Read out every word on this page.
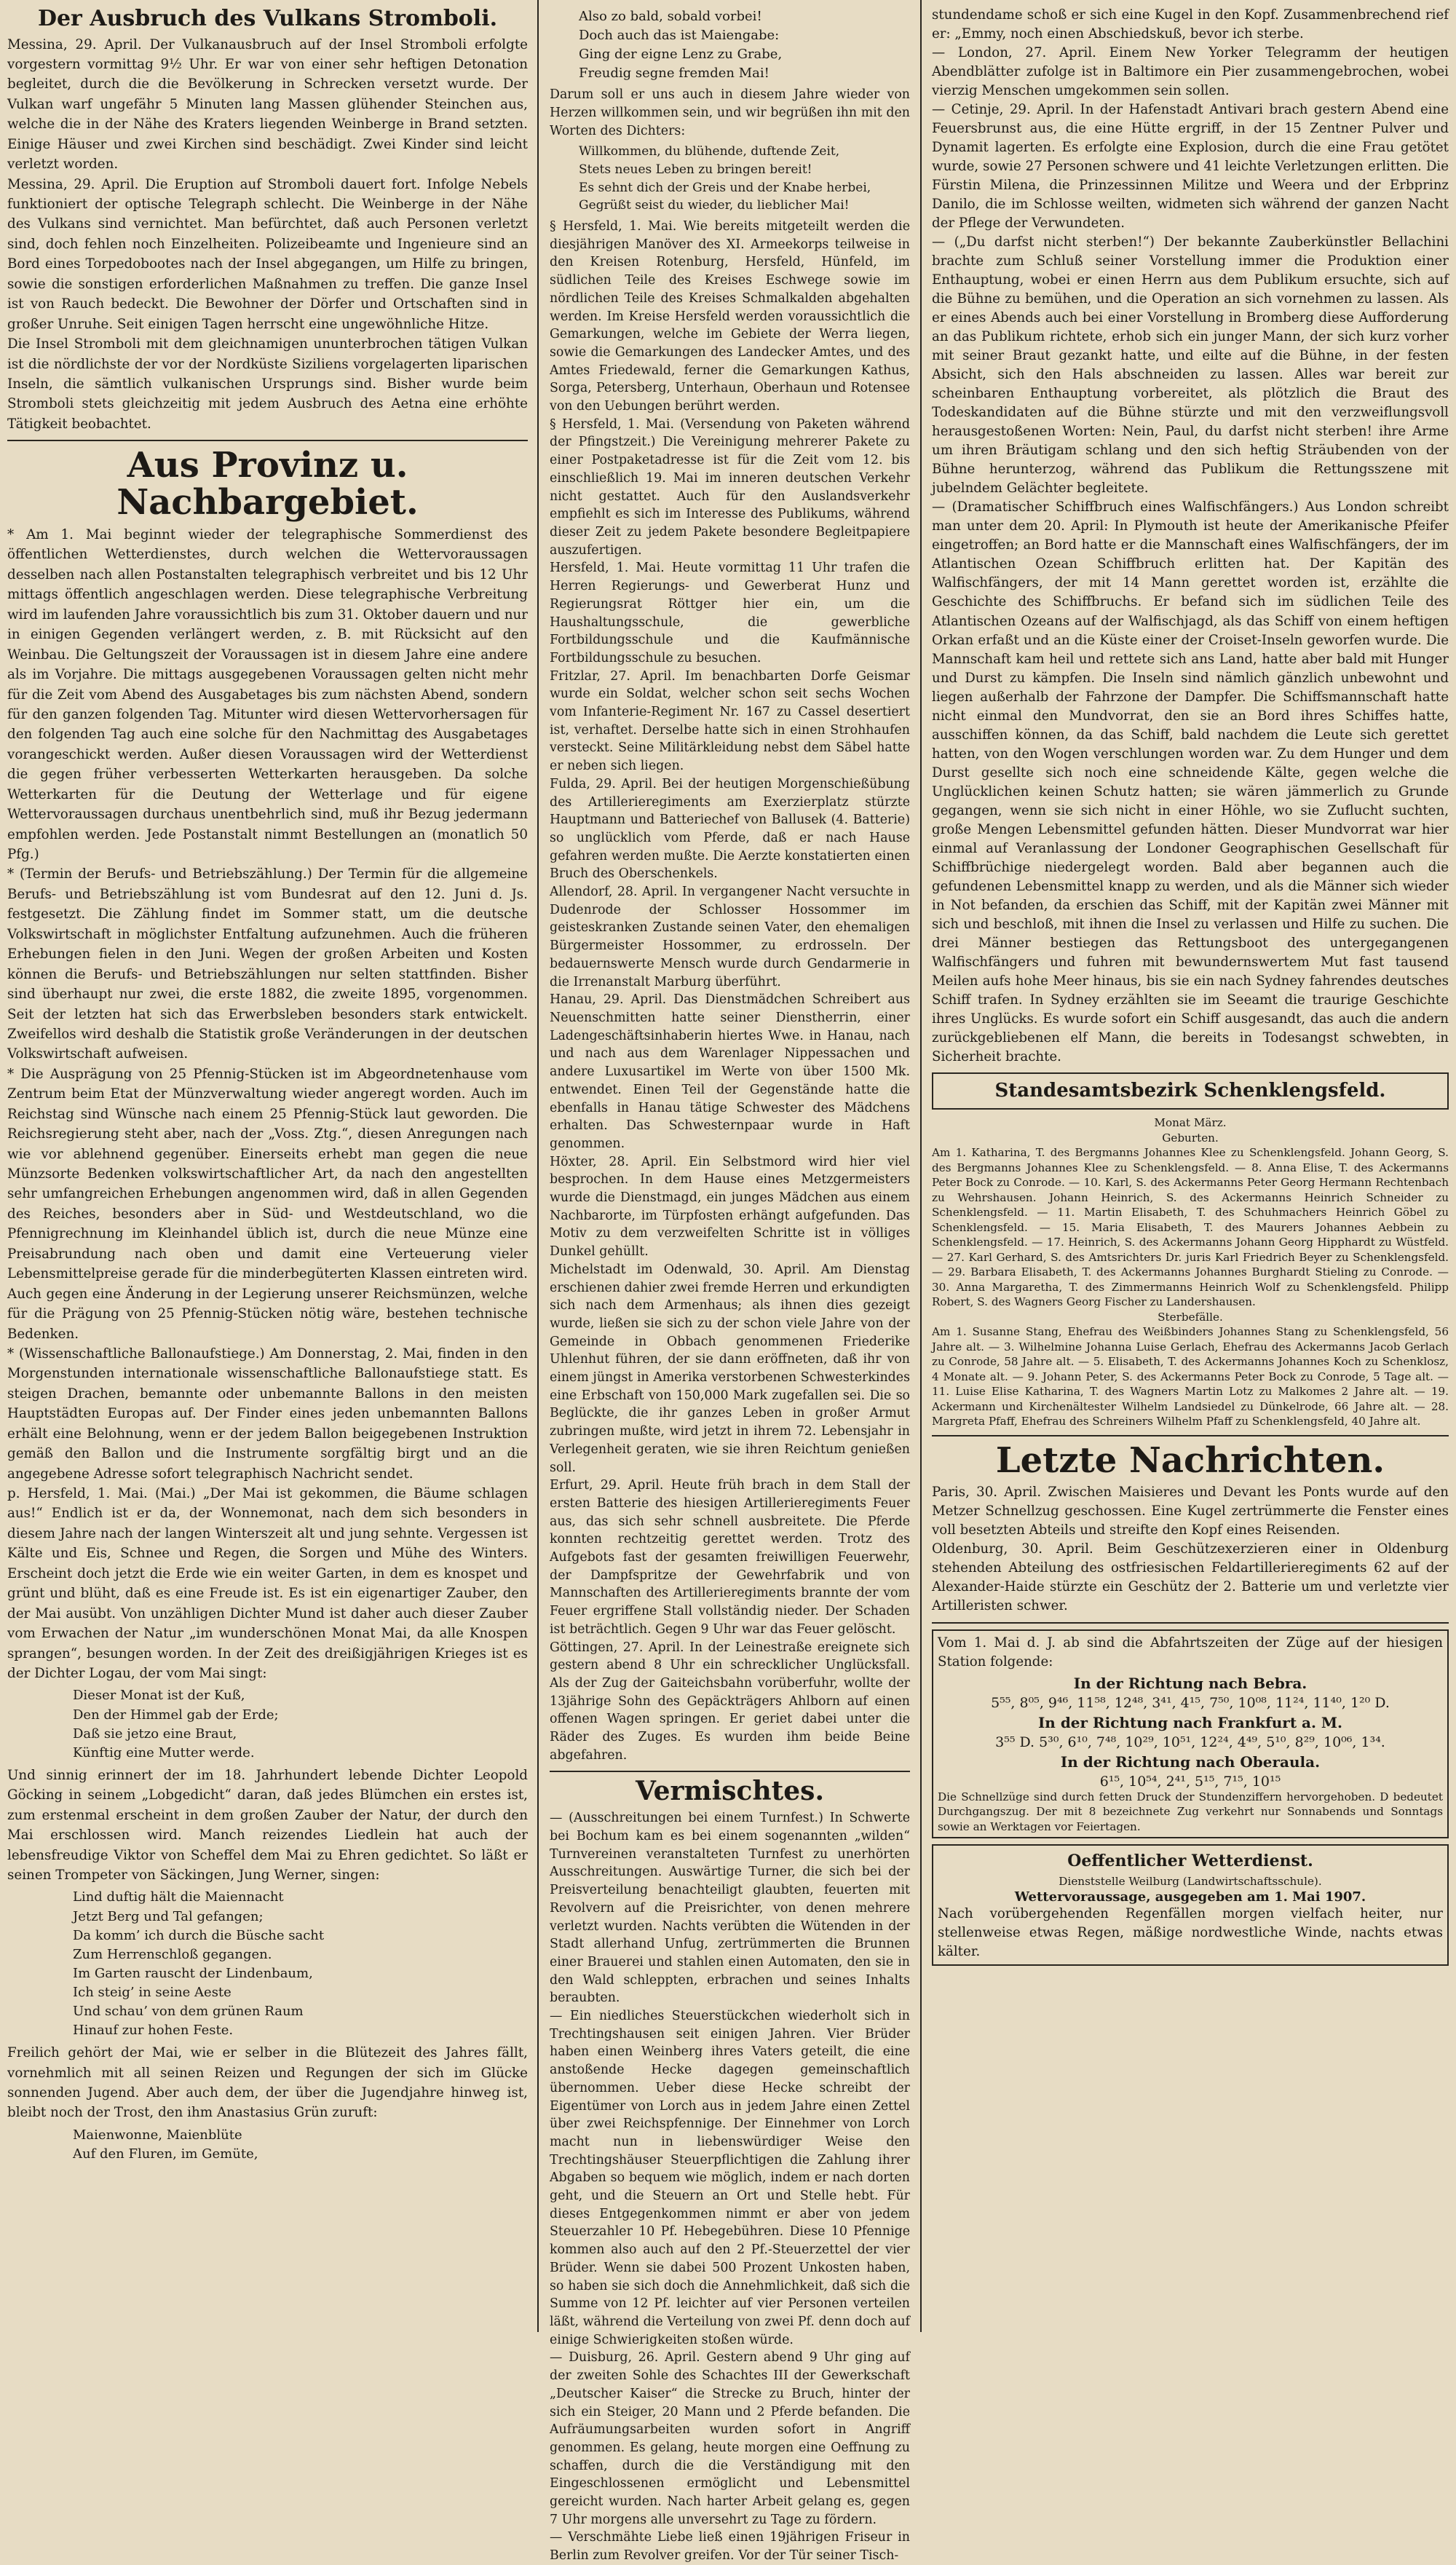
Der Ausbruch des Vulkans Stromboli.

Messina, 29. April. Der Vulkanausbruch auf der Insel Stromboli erfolgte vorgestern vormittag 9½ Uhr. Er war von einer sehr heftigen Detonation begleitet, durch die die Bevölkerung in Schrecken versetzt wurde. Der Vulkan warf ungefähr 5 Minuten lang Massen glühender Steinchen aus, welche die in der Nähe des Kraters liegenden Weinberge in Brand setzten. Einige Häuser und zwei Kirchen sind beschädigt. Zwei Kinder sind leicht verletzt worden.

Messina, 29. April. Die Eruption auf Stromboli dauert fort. Infolge Nebels funktioniert der optische Telegraph schlecht. Die Weinberge in der Nähe des Vulkans sind vernichtet. Man befürchtet, daß auch Personen verletzt sind, doch fehlen noch Einzelheiten. Polizeibeamte und Ingenieure sind an Bord eines Torpedobootes nach der Insel abgegangen, um Hilfe zu bringen, sowie die sonstigen erforderlichen Maßnahmen zu treffen. Die ganze Insel ist von Rauch bedeckt. Die Bewohner der Dörfer und Ortschaften sind in großer Unruhe. Seit einigen Tagen herrscht eine ungewöhnliche Hitze.

Die Insel Stromboli mit dem gleichnamigen ununterbrochen tätigen Vulkan ist die nördlichste der vor der Nordküste Siziliens vorgelagerten liparischen Inseln, die sämtlich vulkanischen Ursprungs sind. Bisher wurde beim Stromboli stets gleichzeitig mit jedem Ausbruch des Aetna eine erhöhte Tätigkeit beobachtet.

Aus Provinz u. Nachbargebiet.

* Am 1. Mai beginnt wieder der telegraphische Sommerdienst des öffentlichen Wetterdienstes, durch welchen die Wettervoraussagen desselben nach allen Postanstalten telegraphisch verbreitet und bis 12 Uhr mittags öffentlich angeschlagen werden. Diese telegraphische Verbreitung wird im laufenden Jahre voraussichtlich bis zum 31. Oktober dauern und nur in einigen Gegenden verlängert werden, z. B. mit Rücksicht auf den Weinbau. Die Geltungszeit der Voraussagen ist in diesem Jahre eine andere als im Vorjahre. Die mittags ausgegebenen Voraussagen gelten nicht mehr für die Zeit vom Abend des Ausgabetages bis zum nächsten Abend, sondern für den ganzen folgenden Tag. Mitunter wird diesen Wettervorhersagen für den folgenden Tag auch eine solche für den Nachmittag des Ausgabetages vorangeschickt werden. Außer diesen Voraussagen wird der Wetterdienst die gegen früher verbesserten Wetterkarten herausgeben. Da solche Wetterkarten für die Deutung der Wetterlage und für eigene Wettervoraussagen durchaus unentbehrlich sind, muß ihr Bezug jedermann empfohlen werden. Jede Postanstalt nimmt Bestellungen an (monatlich 50 Pfg.)

* (Termin der Berufs- und Betriebszählung.) Der Termin für die allgemeine Berufs- und Betriebszählung ist vom Bundesrat auf den 12. Juni d. Js. festgesetzt. Die Zählung findet im Sommer statt, um die deutsche Volkswirtschaft in möglichster Entfaltung aufzunehmen. Auch die früheren Erhebungen fielen in den Juni. Wegen der großen Arbeiten und Kosten können die Berufs- und Betriebszählungen nur selten stattfinden. Bisher sind überhaupt nur zwei, die erste 1882, die zweite 1895, vorgenommen. Seit der letzten hat sich das Erwerbsleben besonders stark entwickelt. Zweifellos wird deshalb die Statistik große Veränderungen in der deutschen Volkswirtschaft aufweisen.

* Die Ausprägung von 25 Pfennig-Stücken ist im Abgeordnetenhause vom Zentrum beim Etat der Münzverwaltung wieder angeregt worden. Auch im Reichstag sind Wünsche nach einem 25 Pfennig-Stück laut geworden. Die Reichsregierung steht aber, nach der „Voss. Ztg.“, diesen Anregungen nach wie vor ablehnend gegenüber. Einerseits erhebt man gegen die neue Münzsorte Bedenken volkswirtschaftlicher Art, da nach den angestellten sehr umfangreichen Erhebungen angenommen wird, daß in allen Gegenden des Reiches, besonders aber in Süd- und Westdeutschland, wo die Pfennigrechnung im Kleinhandel üblich ist, durch die neue Münze eine Preisabrundung nach oben und damit eine Verteuerung vieler Lebensmittelpreise gerade für die minderbegüterten Klassen eintreten wird. Auch gegen eine Änderung in der Legierung unserer Reichsmünzen, welche für die Prägung von 25 Pfennig-Stücken nötig wäre, bestehen technische Bedenken.

* (Wissenschaftliche Ballonaufstiege.) Am Donnerstag, 2. Mai, finden in den Morgenstunden internationale wissenschaftliche Ballonaufstiege statt. Es steigen Drachen, bemannte oder unbemannte Ballons in den meisten Hauptstädten Europas auf. Der Finder eines jeden unbemannten Ballons erhält eine Belohnung, wenn er der jedem Ballon beigegebenen Instruktion gemäß den Ballon und die Instrumente sorgfältig birgt und an die angegebene Adresse sofort telegraphisch Nachricht sendet.

p. Hersfeld, 1. Mai. (Mai.) „Der Mai ist gekommen, die Bäume schlagen aus!“ Endlich ist er da, der Wonnemonat, nach dem sich besonders in diesem Jahre nach der langen Winterszeit alt und jung sehnte. Vergessen ist Kälte und Eis, Schnee und Regen, die Sorgen und Mühe des Winters. Erscheint doch jetzt die Erde wie ein weiter Garten, in dem es knospet und grünt und blüht, daß es eine Freude ist. Es ist ein eigenartiger Zauber, den der Mai ausübt. Von unzähligen Dichter Mund ist daher auch dieser Zauber vom Erwachen der Natur „im wunderschönen Monat Mai, da alle Knospen sprangen“, besungen worden. In der Zeit des dreißigjährigen Krieges ist es der Dichter Logau, der vom Mai singt:

Dieser Monat ist der Kuß,
Den der Himmel gab der Erde;
Daß sie jetzo eine Braut,
Künftig eine Mutter werde.

Und sinnig erinnert der im 18. Jahrhundert lebende Dichter Leopold Göcking in seinem „Lobgedicht“ daran, daß jedes Blümchen ein erstes ist, zum erstenmal erscheint in dem großen Zauber der Natur, der durch den Mai erschlossen wird. Manch reizendes Liedlein hat auch der lebensfreudige Viktor von Scheffel dem Mai zu Ehren gedichtet. So läßt er seinen Trompeter von Säckingen, Jung Werner, singen:

Lind duftig hält die Maiennacht
Jetzt Berg und Tal gefangen;
Da komm’ ich durch die Büsche sacht
Zum Herrenschloß gegangen.
Im Garten rauscht der Lindenbaum,
Ich steig’ in seine Aeste
Und schau’ von dem grünen Raum
Hinauf zur hohen Feste.

Freilich gehört der Mai, wie er selber in die Blütezeit des Jahres fällt, vornehmlich mit all seinen Reizen und Regungen der sich im Glücke sonnenden Jugend. Aber auch dem, der über die Jugendjahre hinweg ist, bleibt noch der Trost, den ihm Anastasius Grün zuruft:

Maienwonne, Maienblüte
Auf den Fluren, im Gemüte,
Also zo bald, sobald vorbei!
Doch auch das ist Maiengabe:
Ging der eigne Lenz zu Grabe,
Freudig segne fremden Mai!

Darum soll er uns auch in diesem Jahre wieder von Herzen willkommen sein, und wir begrüßen ihn mit den Worten des Dichters:

Willkommen, du blühende, duftende Zeit,
Stets neues Leben zu bringen bereit!
Es sehnt dich der Greis und der Knabe herbei,
Gegrüßt seist du wieder, du lieblicher Mai!

§ Hersfeld, 1. Mai. Wie bereits mitgeteilt werden die diesjährigen Manöver des XI. Armeekorps teilweise in den Kreisen Rotenburg, Hersfeld, Hünfeld, im südlichen Teile des Kreises Eschwege sowie im nördlichen Teile des Kreises Schmalkalden abgehalten werden. Im Kreise Hersfeld werden voraussichtlich die Gemarkungen, welche im Gebiete der Werra liegen, sowie die Gemarkungen des Landecker Amtes, und des Amtes Friedewald, ferner die Gemarkungen Kathus, Sorga, Petersberg, Unterhaun, Oberhaun und Rotensee von den Uebungen berührt werden.

§ Hersfeld, 1. Mai. (Versendung von Paketen während der Pfingstzeit.) Die Vereinigung mehrerer Pakete zu einer Postpaketadresse ist für die Zeit vom 12. bis einschließlich 19. Mai im inneren deutschen Verkehr nicht gestattet. Auch für den Auslandsverkehr empfiehlt es sich im Interesse des Publikums, während dieser Zeit zu jedem Pakete besondere Begleitpapiere auszufertigen.

Hersfeld, 1. Mai. Heute vormittag 11 Uhr trafen die Herren Regierungs- und Gewerberat Hunz und Regierungsrat Röttger hier ein, um die Haushaltungsschule, die gewerbliche Fortbildungsschule und die Kaufmännische Fortbildungsschule zu besuchen.

Fritzlar, 27. April. Im benachbarten Dorfe Geismar wurde ein Soldat, welcher schon seit sechs Wochen vom Infanterie-Regiment Nr. 167 zu Cassel desertiert ist, verhaftet. Derselbe hatte sich in einen Strohhaufen versteckt. Seine Militärkleidung nebst dem Säbel hatte er neben sich liegen.

Fulda, 29. April. Bei der heutigen Morgenschießübung des Artillerieregiments am Exerzierplatz stürzte Hauptmann und Batteriechef von Ballusek (4. Batterie) so unglücklich vom Pferde, daß er nach Hause gefahren werden mußte. Die Aerzte konstatierten einen Bruch des Oberschenkels.

Allendorf, 28. April. In vergangener Nacht versuchte in Dudenrode der Schlosser Hossommer im geisteskranken Zustande seinen Vater, den ehemaligen Bürgermeister Hossommer, zu erdrosseln. Der bedauernswerte Mensch wurde durch Gendarmerie in die Irrenanstalt Marburg überführt.

Hanau, 29. April. Das Dienstmädchen Schreibert aus Neuenschmitten hatte seiner Dienstherrin, einer Ladengeschäftsinhaberin hiertes Wwe. in Hanau, nach und nach aus dem Warenlager Nippessachen und andere Luxusartikel im Werte von über 1500 Mk. entwendet. Einen Teil der Gegenstände hatte die ebenfalls in Hanau tätige Schwester des Mädchens erhalten. Das Schwesternpaar wurde in Haft genommen.

Höxter, 28. April. Ein Selbstmord wird hier viel besprochen. In dem Hause eines Metzgermeisters wurde die Dienstmagd, ein junges Mädchen aus einem Nachbarorte, im Türpfosten erhängt aufgefunden. Das Motiv zu dem verzweifelten Schritte ist in völliges Dunkel gehüllt.

Michelstadt im Odenwald, 30. April. Am Dienstag erschienen dahier zwei fremde Herren und erkundigten sich nach dem Armenhaus; als ihnen dies gezeigt wurde, ließen sie sich zu der schon viele Jahre von der Gemeinde in Obbach genommenen Friederike Uhlenhut führen, der sie dann eröffneten, daß ihr von einem jüngst in Amerika verstorbenen Schwesterkindes eine Erbschaft von 150,000 Mark zugefallen sei. Die so Beglückte, die ihr ganzes Leben in großer Armut zubringen mußte, wird jetzt in ihrem 72. Lebensjahr in Verlegenheit geraten, wie sie ihren Reichtum genießen soll.

Erfurt, 29. April. Heute früh brach in dem Stall der ersten Batterie des hiesigen Artillerieregiments Feuer aus, das sich sehr schnell ausbreitete. Die Pferde konnten rechtzeitig gerettet werden. Trotz des Aufgebots fast der gesamten freiwilligen Feuerwehr, der Dampfspritze der Gewehrfabrik und von Mannschaften des Artillerieregiments brannte der vom Feuer ergriffene Stall vollständig nieder. Der Schaden ist beträchtlich. Gegen 9 Uhr war das Feuer gelöscht.

Göttingen, 27. April. In der Leinestraße ereignete sich gestern abend 8 Uhr ein schrecklicher Unglücksfall. Als der Zug der Gaiteichsbahn vorüberfuhr, wollte der 13jährige Sohn des Gepäckträgers Ahlborn auf einen offenen Wagen springen. Er geriet dabei unter die Räder des Zuges. Es wurden ihm beide Beine abgefahren.

Vermischtes.

— (Ausschreitungen bei einem Turnfest.) In Schwerte bei Bochum kam es bei einem sogenannten „wilden“ Turnvereinen veranstalteten Turnfest zu unerhörten Ausschreitungen. Auswärtige Turner, die sich bei der Preisverteilung benachteiligt glaubten, feuerten mit Revolvern auf die Preisrichter, von denen mehrere verletzt wurden. Nachts verübten die Wütenden in der Stadt allerhand Unfug, zertrümmerten die Brunnen einer Brauerei und stahlen einen Automaten, den sie in den Wald schleppten, erbrachen und seines Inhalts beraubten.

— Ein niedliches Steuerstückchen wiederholt sich in Trechtingshausen seit einigen Jahren. Vier Brüder haben einen Weinberg ihres Vaters geteilt, die eine anstoßende Hecke dagegen gemeinschaftlich übernommen. Ueber diese Hecke schreibt der Eigentümer von Lorch aus in jedem Jahre einen Zettel über zwei Reichspfennige. Der Einnehmer von Lorch macht nun in liebenswürdiger Weise den Trechtingshäuser Steuerpflichtigen die Zahlung ihrer Abgaben so bequem wie möglich, indem er nach dorten geht, und die Steuern an Ort und Stelle hebt. Für dieses Entgegenkommen nimmt er aber von jedem Steuerzahler 10 Pf. Hebegebühren. Diese 10 Pfennige kommen also auch auf den 2 Pf.-Steuerzettel der vier Brüder. Wenn sie dabei 500 Prozent Unkosten haben, so haben sie sich doch die Annehmlichkeit, daß sich die Summe von 12 Pf. leichter auf vier Personen verteilen läßt, während die Verteilung von zwei Pf. denn doch auf einige Schwierigkeiten stoßen würde.

— Duisburg, 26. April. Gestern abend 9 Uhr ging auf der zweiten Sohle des Schachtes III der Gewerkschaft „Deutscher Kaiser“ die Strecke zu Bruch, hinter der sich ein Steiger, 20 Mann und 2 Pferde befanden. Die Aufräumungsarbeiten wurden sofort in Angriff genommen. Es gelang, heute morgen eine Oeffnung zu schaffen, durch die die Verständigung mit den Eingeschlossenen ermöglicht und Lebensmittel gereicht wurden. Nach harter Arbeit gelang es, gegen 7 Uhr morgens alle unversehrt zu Tage zu fördern.

— Verschmähte Liebe ließ einen 19jährigen Friseur in Berlin zum Revolver greifen. Vor der Tür seiner Tisch-

stundendame schoß er sich eine Kugel in den Kopf. Zusammenbrechend rief er: „Emmy, noch einen Abschiedskuß, bevor ich sterbe.

— London, 27. April. Einem New Yorker Telegramm der heutigen Abendblätter zufolge ist in Baltimore ein Pier zusammengebrochen, wobei vierzig Menschen umgekommen sein sollen.

— Cetinje, 29. April. In der Hafenstadt Antivari brach gestern Abend eine Feuersbrunst aus, die eine Hütte ergriff, in der 15 Zentner Pulver und Dynamit lagerten. Es erfolgte eine Explosion, durch die eine Frau getötet wurde, sowie 27 Personen schwere und 41 leichte Verletzungen erlitten. Die Fürstin Milena, die Prinzessinnen Militze und Weera und der Erbprinz Danilo, die im Schlosse weilten, widmeten sich während der ganzen Nacht der Pflege der Verwundeten.

— („Du darfst nicht sterben!“) Der bekannte Zauberkünstler Bellachini brachte zum Schluß seiner Vorstellung immer die Produktion einer Enthauptung, wobei er einen Herrn aus dem Publikum ersuchte, sich auf die Bühne zu bemühen, und die Operation an sich vornehmen zu lassen. Als er eines Abends auch bei einer Vorstellung in Bromberg diese Aufforderung an das Publikum richtete, erhob sich ein junger Mann, der sich kurz vorher mit seiner Braut gezankt hatte, und eilte auf die Bühne, in der festen Absicht, sich den Hals abschneiden zu lassen. Alles war bereit zur scheinbaren Enthauptung vorbereitet, als plötzlich die Braut des Todeskandidaten auf die Bühne stürzte und mit den verzweiflungsvoll herausgestoßenen Worten: Nein, Paul, du darfst nicht sterben! ihre Arme um ihren Bräutigam schlang und den sich heftig Sträubenden von der Bühne herunterzog, während das Publikum die Rettungsszene mit jubelndem Gelächter begleitete.

— (Dramatischer Schiffbruch eines Walfischfängers.) Aus London schreibt man unter dem 20. April: In Plymouth ist heute der Amerikanische Pfeifer eingetroffen; an Bord hatte er die Mannschaft eines Walfischfängers, der im Atlantischen Ozean Schiffbruch erlitten hat. Der Kapitän des Walfischfängers, der mit 14 Mann gerettet worden ist, erzählte die Geschichte des Schiffbruchs. Er befand sich im südlichen Teile des Atlantischen Ozeans auf der Walfischjagd, als das Schiff von einem heftigen Orkan erfaßt und an die Küste einer der Croiset-Inseln geworfen wurde. Die Mannschaft kam heil und rettete sich ans Land, hatte aber bald mit Hunger und Durst zu kämpfen. Die Inseln sind nämlich gänzlich unbewohnt und liegen außerhalb der Fahrzone der Dampfer. Die Schiffsmannschaft hatte nicht einmal den Mundvorrat, den sie an Bord ihres Schiffes hatte, ausschiffen können, da das Schiff, bald nachdem die Leute sich gerettet hatten, von den Wogen verschlungen worden war. Zu dem Hunger und dem Durst gesellte sich noch eine schneidende Kälte, gegen welche die Unglücklichen keinen Schutz hatten; sie wären jämmerlich zu Grunde gegangen, wenn sie sich nicht in einer Höhle, wo sie Zuflucht suchten, große Mengen Lebensmittel gefunden hätten. Dieser Mundvorrat war hier einmal auf Veranlassung der Londoner Geographischen Gesellschaft für Schiffbrüchige niedergelegt worden. Bald aber begannen auch die gefundenen Lebensmittel knapp zu werden, und als die Männer sich wieder in Not befanden, da erschien das Schiff, mit der Kapitän zwei Männer mit sich und beschloß, mit ihnen die Insel zu verlassen und Hilfe zu suchen. Die drei Männer bestiegen das Rettungsboot des untergegangenen Walfischfängers und fuhren mit bewundernswertem Mut fast tausend Meilen aufs hohe Meer hinaus, bis sie ein nach Sydney fahrendes deutsches Schiff trafen. In Sydney erzählten sie im Seeamt die traurige Geschichte ihres Unglücks. Es wurde sofort ein Schiff ausgesandt, das auch die andern zurückgebliebenen elf Mann, die bereits in Todesangst schwebten, in Sicherheit brachte.

Standesamtsbezirk Schenklengsfeld.
Monat März.
Geburten.

Am 1. Katharina, T. des Bergmanns Johannes Klee zu Schenklengsfeld. Johann Georg, S. des Bergmanns Johannes Klee zu Schenklengsfeld. — 8. Anna Elise, T. des Ackermanns Peter Bock zu Conrode. — 10. Karl, S. des Ackermanns Peter Georg Hermann Rechtenbach zu Wehrshausen. Johann Heinrich, S. des Ackermanns Heinrich Schneider zu Schenklengsfeld. — 11. Martin Elisabeth, T. des Schuhmachers Heinrich Göbel zu Schenklengsfeld. — 15. Maria Elisabeth, T. des Maurers Johannes Aebbein zu Schenklengsfeld. — 17. Heinrich, S. des Ackermanns Johann Georg Hipphardt zu Wüstfeld. — 27. Karl Gerhard, S. des Amtsrichters Dr. juris Karl Friedrich Beyer zu Schenklengsfeld. — 29. Barbara Elisabeth, T. des Ackermanns Johannes Burghardt Stieling zu Conrode. — 30. Anna Margaretha, T. des Zimmermanns Heinrich Wolf zu Schenklengsfeld. Philipp Robert, S. des Wagners Georg Fischer zu Landershausen.

Sterbefälle.

Am 1. Susanne Stang, Ehefrau des Weißbinders Johannes Stang zu Schenklengsfeld, 56 Jahre alt. — 3. Wilhelmine Johanna Luise Gerlach, Ehefrau des Ackermanns Jacob Gerlach zu Conrode, 58 Jahre alt. — 5. Elisabeth, T. des Ackermanns Johannes Koch zu Schenklosz, 4 Monate alt. — 9. Johann Peter, S. des Ackermanns Peter Bock zu Conrode, 5 Tage alt. — 11. Luise Elise Katharina, T. des Wagners Martin Lotz zu Malkomes 2 Jahre alt. — 19. Ackermann und Kirchenältester Wilhelm Landsiedel zu Dünkelrode, 66 Jahre alt. — 28. Margreta Pfaff, Ehefrau des Schreiners Wilhelm Pfaff zu Schenklengsfeld, 40 Jahre alt.

Letzte Nachrichten.

Paris, 30. April. Zwischen Maisieres und Devant les Ponts wurde auf den Metzer Schnellzug geschossen. Eine Kugel zertrümmerte die Fenster eines voll besetzten Abteils und streifte den Kopf eines Reisenden.

Oldenburg, 30. April. Beim Geschützexerzieren einer in Oldenburg stehenden Abteilung des ostfriesischen Feldartillerieregiments 62 auf der Alexander-Haide stürzte ein Geschütz der 2. Batterie um und verletzte vier Artilleristen schwer.

Vom 1. Mai d. J. ab sind die Abfahrtszeiten der Züge auf der hiesigen Station folgende:

In der Richtung nach Bebra.
5⁵⁵, 8⁰⁵, 9⁴⁶, 11⁵⁸, 12⁴⁸, 3⁴¹, 4¹⁵, 7⁵⁰, 10⁰⁸, 11²⁴, 11⁴⁰, 1²⁰ D.
In der Richtung nach Frankfurt a. M.
3⁵⁵ D. 5³⁰, 6¹⁰, 7⁴⁸, 10²⁹, 10⁵¹, 12²⁴, 4⁴⁹, 5¹⁰, 8²⁹, 10⁰⁶, 1³⁴.
In der Richtung nach Oberaula.
6¹⁵, 10⁵⁴, 2⁴¹, 5¹⁵, 7¹⁵, 10¹⁵

Die Schnellzüge sind durch fetten Druck der Stundenziffern hervorgehoben. D bedeutet Durchgangszug. Der mit 8 bezeichnete Zug verkehrt nur Sonnabends und Sonntags sowie an Werktagen vor Feiertagen.

Oeffentlicher Wetterdienst.
Dienststelle Weilburg (Landwirtschaftsschule).
Wettervoraussage, ausgegeben am 1. Mai 1907.

Nach vorübergehenden Regenfällen morgen vielfach heiter, nur stellenweise etwas Regen, mäßige nordwestliche Winde, nachts etwas kälter.
